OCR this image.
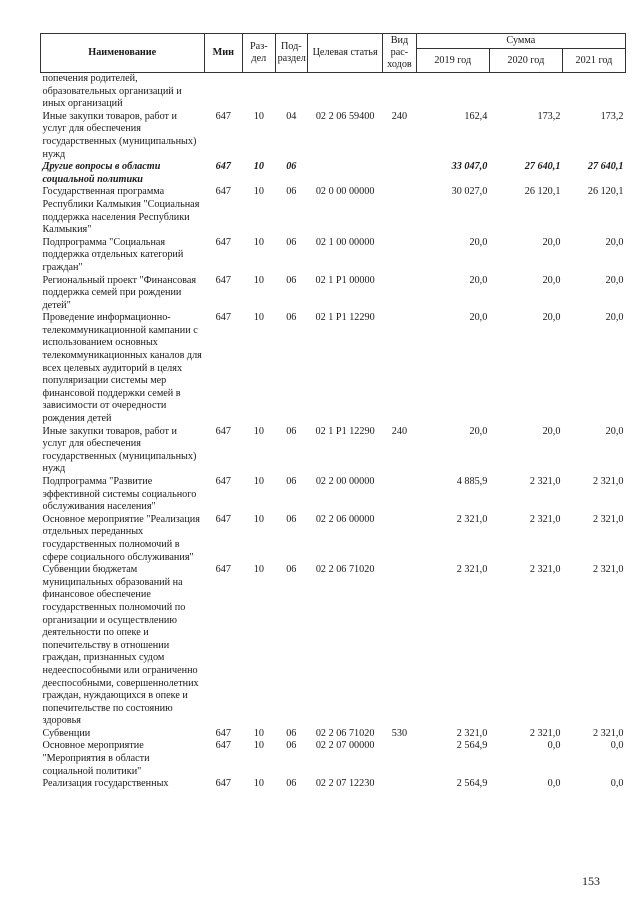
Наименование	Мин	Раз-дел	Под-раздел	Целевая статья	Вид рас-ходов	Сумма		
						2019 год	2020 год	2021 год
попечения родителей, образовательных организаций и иных организаций								
Иные закупки товаров, работ и услуг для обеспечения государственных (муниципальных) нужд	647	10	04	02 2 06 59400	240	162,4	173,2	173,2
Другие вопросы в области социальной политики	647	10	06			33 047,0	27 640,1	27 640,1
Государственная программа Республики Калмыкия "Социальная поддержка населения Республики Калмыкия"	647	10	06	02 0 00 00000		30 027,0	26 120,1	26 120,1
Подпрограмма "Социальная поддержка отдельных категорий граждан"	647	10	06	02 1 00 00000		20,0	20,0	20,0
Региональный проект "Финансовая поддержка семей при рождении детей"	647	10	06	02 1 P1 00000		20,0	20,0	20,0
Проведение информационно-телекоммуникационной кампании с использованием основных телекоммуникационных каналов для всех целевых аудиторий в целях популяризации системы мер финансовой поддержки семей в зависимости от очередности рождения детей	647	10	06	02 1 P1 12290		20,0	20,0	20,0
Иные закупки товаров, работ и услуг для обеспечения государственных (муниципальных) нужд	647	10	06	02 1 P1 12290	240	20,0	20,0	20,0
Подпрограмма "Развитие эффективной системы социального обслуживания населения"	647	10	06	02 2 00 00000		4 885,9	2 321,0	2 321,0
Основное мероприятие "Реализация отдельных переданных государственных полномочий в сфере социального обслуживания"	647	10	06	02 2 06 00000		2 321,0	2 321,0	2 321,0
Субвенции бюджетам муниципальных образований на финансовое обеспечение государственных полномочий по организации и осуществлению деятельности по опеке и попечительству в отношении граждан, признанных судом недееспособными или ограниченно дееспособными, совершеннолетних граждан, нуждающихся в опеке и попечительстве по состоянию здоровья	647	10	06	02 2 06 71020		2 321,0	2 321,0	2 321,0
Субвенции	647	10	06	02 2 06 71020	530	2 321,0	2 321,0	2 321,0
Основное мероприятие "Мероприятия в области социальной политики"	647	10	06	02 2 07 00000		2 564,9	0,0	0,0
Реализация государственных	647	10	06	02 2 07 12230		2 564,9	0,0	0,0
153
